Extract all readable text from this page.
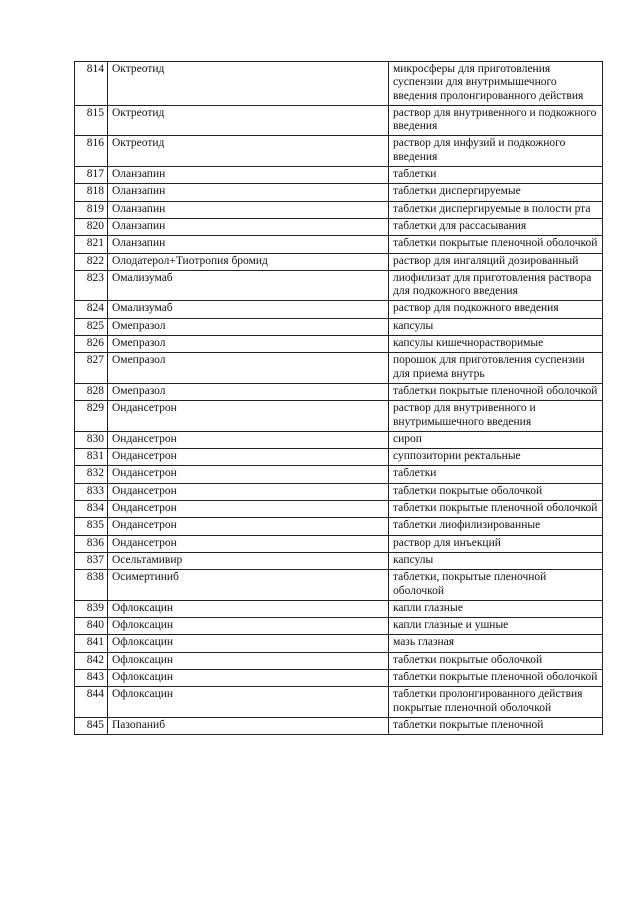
814	Октреотид	микросферы для приготовления суспензии для внутримышечного введения пролонгированного действия
815	Октреотид	раствор для внутривенного и подкожного введения
816	Октреотид	раствор для инфузий и подкожного введения
817	Оланзапин	таблетки
818	Оланзапин	таблетки диспергируемые
819	Оланзапин	таблетки диспергируемые в полости рта
820	Оланзапин	таблетки для рассасывания
821	Оланзапин	таблетки покрытые пленочной оболочкой
822	Олодатерол+Тиотропия бромид	раствор для ингаляций дозированный
823	Омализумаб	лиофилизат для приготовления раствора для подкожного введения
824	Омализумаб	раствор для подкожного введения
825	Омепразол	капсулы
826	Омепразол	капсулы кишечнорастворимые
827	Омепразол	порошок для приготовления суспензии для приема внутрь
828	Омепразол	таблетки покрытые пленочной оболочкой
829	Ондансетрон	раствор для внутривенного и внутримышечного введения
830	Ондансетрон	сироп
831	Ондансетрон	суппозитории ректальные
832	Ондансетрон	таблетки
833	Ондансетрон	таблетки покрытые оболочкой
834	Ондансетрон	таблетки покрытые пленочной оболочкой
835	Ондансетрон	таблетки лиофилизированные
836	Ондансетрон	раствор для инъекций
837	Осельтамивир	капсулы
838	Осимертиниб	таблетки, покрытые пленочной оболочкой
839	Офлоксацин	капли глазные
840	Офлоксацин	капли глазные и ушные
841	Офлоксацин	мазь глазная
842	Офлоксацин	таблетки покрытые оболочкой
843	Офлоксацин	таблетки покрытые пленочной оболочкой
844	Офлоксацин	таблетки пролонгированного действия покрытые пленочной оболочкой
845	Пазопаниб	таблетки покрытые пленочной
